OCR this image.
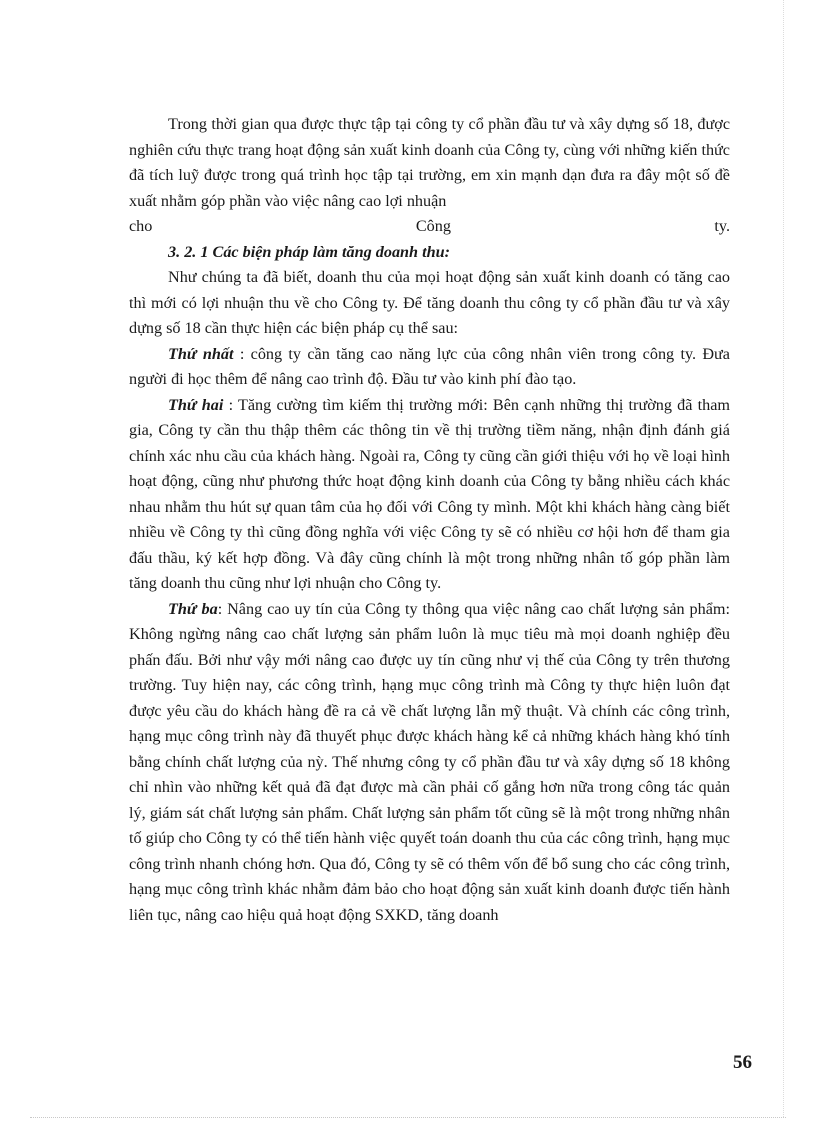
Trong thời gian qua được thực tập tại công ty cổ phần đầu tư và xây dựng số 18, được nghiên cứu thực trang hoạt động sản xuất kinh doanh của Công ty, cùng với những kiến thức đã tích luỹ được trong quá trình học tập tại trường, em xin mạnh dạn đưa ra đây một số đề xuất nhằm góp phần vào việc nâng cao lợi nhuận

cho	Công	ty.

3. 2. 1 Các biện pháp làm tăng doanh thu:

Như chúng ta đã biết, doanh thu của mọi hoạt động sản xuất kinh doanh có tăng cao thì mới có lợi nhuận thu về cho Công ty. Để tăng doanh thu công ty cổ phần đầu tư và xây dựng số 18 cần thực hiện các biện pháp cụ thể sau:

Thứ nhất : công ty cần tăng cao năng lực của công nhân viên trong công ty. Đưa người đi học thêm để nâng cao trình độ. Đầu tư vào kinh phí đào tạo.

Thứ hai : Tăng cường tìm kiếm thị trường mới: Bên cạnh những thị trường đã tham gia, Công ty cần thu thập thêm các thông tin về thị trường tiềm năng, nhận định đánh giá chính xác nhu cầu của khách hàng. Ngoài ra, Công ty cũng cần giới thiệu với họ về loại hình hoạt động, cũng như phương thức hoạt động kinh doanh của Công ty bằng nhiều cách khác nhau nhằm thu hút sự quan tâm của họ đối với Công ty mình. Một khi khách hàng càng biết nhiều về Công ty thì cũng đồng nghĩa với việc Công ty sẽ có nhiều cơ hội hơn để tham gia đấu thầu, ký kết hợp đồng. Và đây cũng chính là một trong những nhân tố góp phần làm tăng doanh thu cũng như lợi nhuận cho Công ty.

Thứ ba: Nâng cao uy tín của Công ty thông qua việc nâng cao chất lượng sản phẩm: Không ngừng nâng cao chất lượng sản phẩm luôn là mục tiêu mà mọi doanh nghiệp đều phấn đấu. Bởi như vậy mới nâng cao được uy tín cũng như vị thế của Công ty trên thương trường. Tuy hiện nay, các công trình, hạng mục công trình mà Công ty thực hiện luôn đạt được yêu cầu do khách hàng đề ra cả về chất lượng lẫn mỹ thuật. Và chính các công trình, hạng mục công trình này đã thuyết phục được khách hàng kể cả những khách hàng khó tính bằng chính chất lượng của nỳ. Thế nhưng công ty cổ phần đầu tư và xây dựng số 18 không chỉ nhìn vào những kết quả đã đạt được mà cần phải cố gắng hơn nữa trong công tác quản lý, giám sát chất lượng sản phẩm. Chất lượng sản phẩm tốt cũng sẽ là một trong những nhân tố giúp cho Công ty có thể tiến hành việc quyết toán doanh thu của các công trình, hạng mục công trình nhanh chóng hơn. Qua đó, Công ty sẽ có thêm vốn để bổ sung cho các công trình, hạng mục công trình khác nhằm đảm bảo cho hoạt động sản xuất kinh doanh được tiến hành liên tục, nâng cao hiệu quả hoạt động SXKD, tăng doanh

56
